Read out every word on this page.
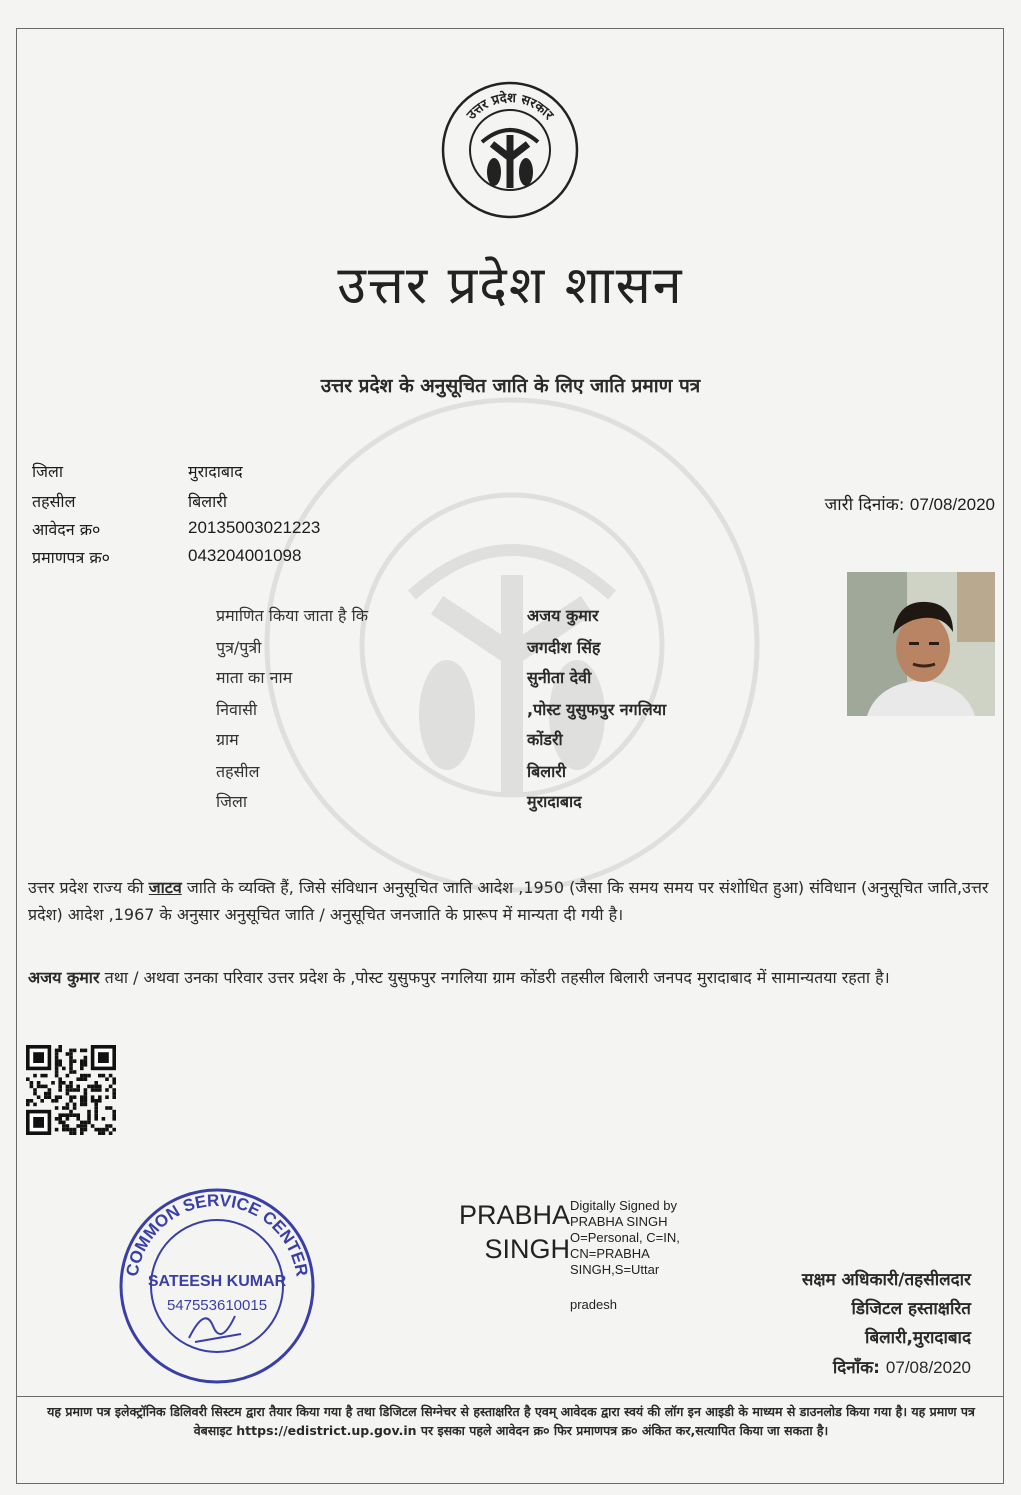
उत्तर प्रदेश सरकार
उत्तर प्रदेश शासन
उत्तर प्रदेश के अनुसूचित जाति के लिए जाति प्रमाण पत्र
जिला	मुरादाबाद
तहसील	बिलारी
आवेदन क्र०	20135003021223
प्रमाणपत्र क्र०	043204001098
जारी दिनांक: 07/08/2020
प्रमाणित किया जाता है कि	अजय कुमार
पुत्र/पुत्री	जगदीश सिंह
माता का नाम	सुनीता देवी
निवासी	,पोस्ट युसुफपुर नगलिया
ग्राम	कोंडरी
तहसील	बिलारी
जिला	मुरादाबाद
उत्तर प्रदेश राज्य की जाटव जाति के व्यक्ति हैं, जिसे संविधान अनुसूचित जाति आदेश ,1950 (जैसा कि समय समय पर संशोधित हुआ) संविधान (अनुसूचित जाति,उत्तर प्रदेश) आदेश ,1967 के अनुसार अनुसूचित जाति / अनुसूचित जनजाति के प्रारूप में मान्यता दी गयी है।
अजय कुमार तथा / अथवा उनका परिवार उत्तर प्रदेश के ,पोस्ट युसुफपुर नगलिया ग्राम कोंडरी तहसील बिलारी जनपद मुरादाबाद में सामान्यतया रहता है।
COMMON SERVICE CENTER
SATEESH KUMAR
547553610015
PRABHA
SINGH
Digitally Signed by PRABHA SINGH O=Personal, C=IN, CN=PRABHA SINGH,S=Uttar
pradesh
सक्षम अधिकारी/तहसीलदार
डिजिटल हस्ताक्षरित
बिलारी,मुरादाबाद
दिनाँक: 07/08/2020
यह प्रमाण पत्र इलेक्ट्रॉनिक डिलिवरी सिस्टम द्वारा तैयार किया गया है तथा डिजिटल सिग्नेचर से हस्ताक्षरित है एवम् आवेदक द्वारा स्वयं की लॉग इन आइडी के माध्यम से डाउनलोड किया गया है। यह प्रमाण पत्र वेबसाइट https://edistrict.up.gov.in पर इसका पहले आवेदन क्र० फिर प्रमाणपत्र क्र० अंकित कर,सत्यापित किया जा सकता है।
